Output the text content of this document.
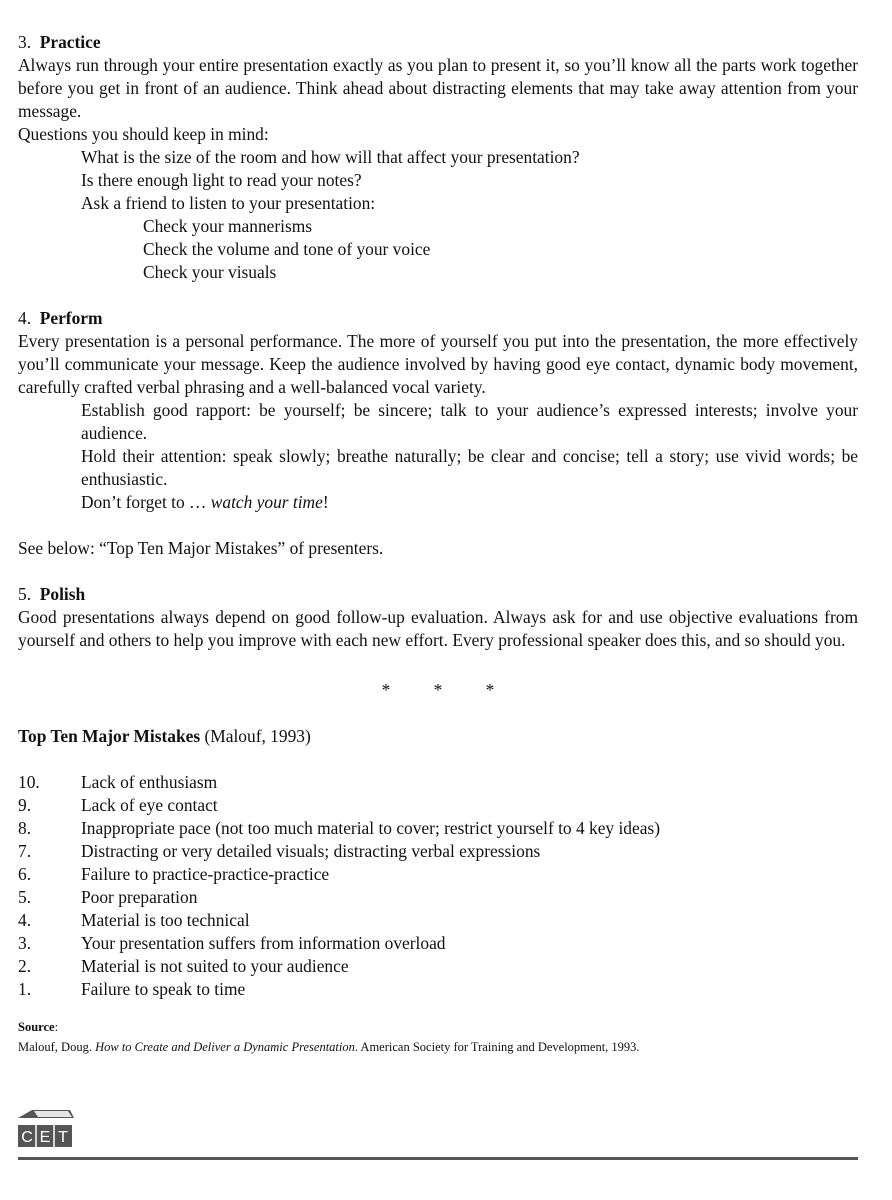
3. Practice

Always run through your entire presentation exactly as you plan to present it, so you’ll know all the parts work together before you get in front of an audience. Think ahead about distracting elements that may take away attention from your message.

Questions you should keep in mind:
What is the size of the room and how will that affect your presentation?
Is there enough light to read your notes?
Ask a friend to listen to your presentation:
Check your mannerisms
Check the volume and tone of your voice
Check your visuals
4. Perform

Every presentation is a personal performance. The more of yourself you put into the presentation, the more effectively you’ll communicate your message. Keep the audience involved by having good eye contact, dynamic body movement, carefully crafted verbal phrasing and a well-balanced vocal variety.

Establish good rapport: be yourself; be sincere; talk to your audience’s expressed interests; involve your audience.

Hold their attention: speak slowly; breathe naturally; be clear and concise; tell a story; use vivid words; be enthusiastic.

Don’t forget to … watch your time!
See below: “Top Ten Major Mistakes” of presenters.
5. Polish

Good presentations always depend on good follow-up evaluation. Always ask for and use objective evaluations from yourself and others to help you improve with each new effort. Every professional speaker does this, and so should you.

* * *
Top Ten Major Mistakes (Malouf, 1993)
10.	Lack of enthusiasm
9.	Lack of eye contact
8.	Inappropriate pace (not too much material to cover; restrict yourself to 4 key ideas)
7.	Distracting or very detailed visuals; distracting verbal expressions
6.	Failure to practice-practice-practice
5.	Poor preparation
4.	Material is too technical
3.	Your presentation suffers from information overload
2.	Material is not suited to your audience
1.	Failure to speak to time
Source:
Malouf, Doug. How to Create and Deliver a Dynamic Presentation. American Society for Training and Development, 1993.
C E T
